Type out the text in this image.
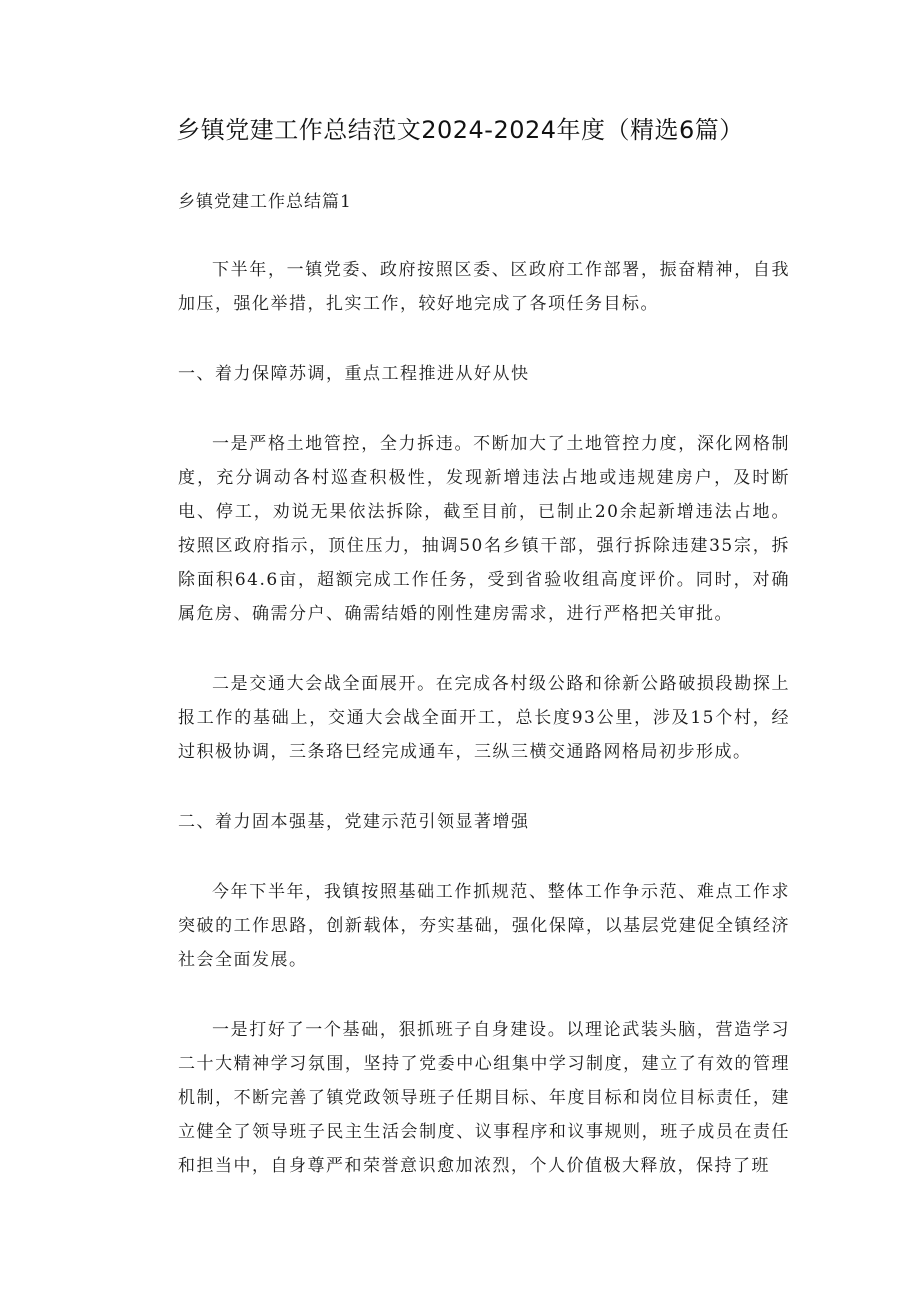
乡镇党建工作总结范文2024-2024年度（精选6篇）
乡镇党建工作总结篇1

下半年，一镇党委、政府按照区委、区政府工作部署，振奋精神，自我加压，强化举措，扎实工作，较好地完成了各项任务目标。

一、着力保障苏调，重点工程推进从好从快

一是严格土地管控，全力拆违。不断加大了土地管控力度，深化网格制度，充分调动各村巡查积极性，发现新增违法占地或违规建房户，及时断电、停工，劝说无果依法拆除，截至目前，已制止20余起新增违法占地。按照区政府指示，顶住压力，抽调50名乡镇干部，强行拆除违建35宗，拆除面积64.6亩，超额完成工作任务，受到省验收组高度评价。同时，对确属危房、确需分户、确需结婚的刚性建房需求，进行严格把关审批。

二是交通大会战全面展开。在完成各村级公路和徐新公路破损段勘探上报工作的基础上，交通大会战全面开工，总长度93公里，涉及15个村，经过积极协调，三条珞巳经完成通车，三纵三横交通路网格局初步形成。

二、着力固本强基，党建示范引领显著增强

今年下半年，我镇按照基础工作抓规范、整体工作争示范、难点工作求突破的工作思路，创新载体，夯实基础，强化保障，以基层党建促全镇经济社会全面发展。

一是打好了一个基础，狠抓班子自身建设。以理论武装头脑，营造学习二十大精神学习氛围，坚持了党委中心组集中学习制度，建立了有效的管理机制，不断完善了镇党政领导班子任期目标、年度目标和岗位目标责任，建立健全了领导班子民主生活会制度、议事程序和议事规则，班子成员在责任和担当中，自身尊严和荣誉意识愈加浓烈，个人价值极大释放，保持了班
